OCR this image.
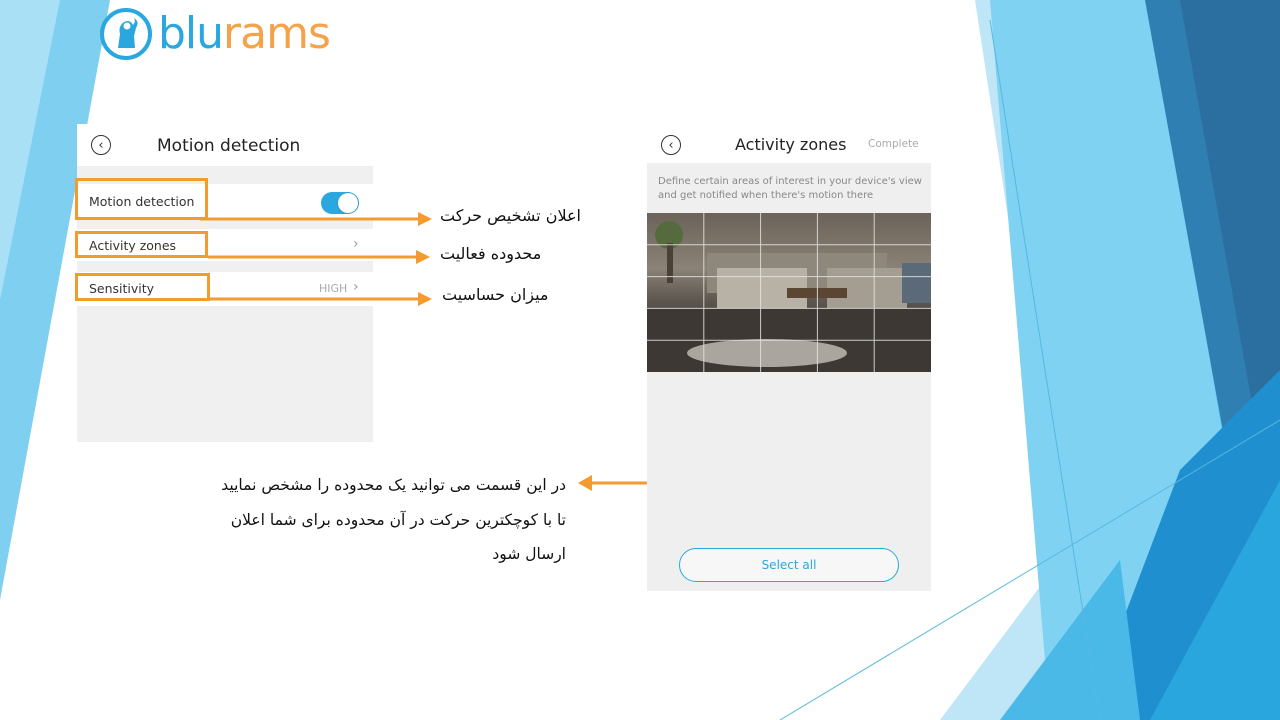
blurams
‹	Motion detection
Motion detection
Activity zones	›
Sensitivity	HIGH ›
اعلان تشخیص حرکت
محدوده فعالیت
میزان حساسیت
در این قسمت می توانید یک محدوده را مشخص نمایید
تا با کوچکترین حرکت در آن محدوده برای شما اعلان
ارسال شود
‹	Activity zones Complete
Define certain areas of interest in your device's view and get notified when there's motion there
Select all
